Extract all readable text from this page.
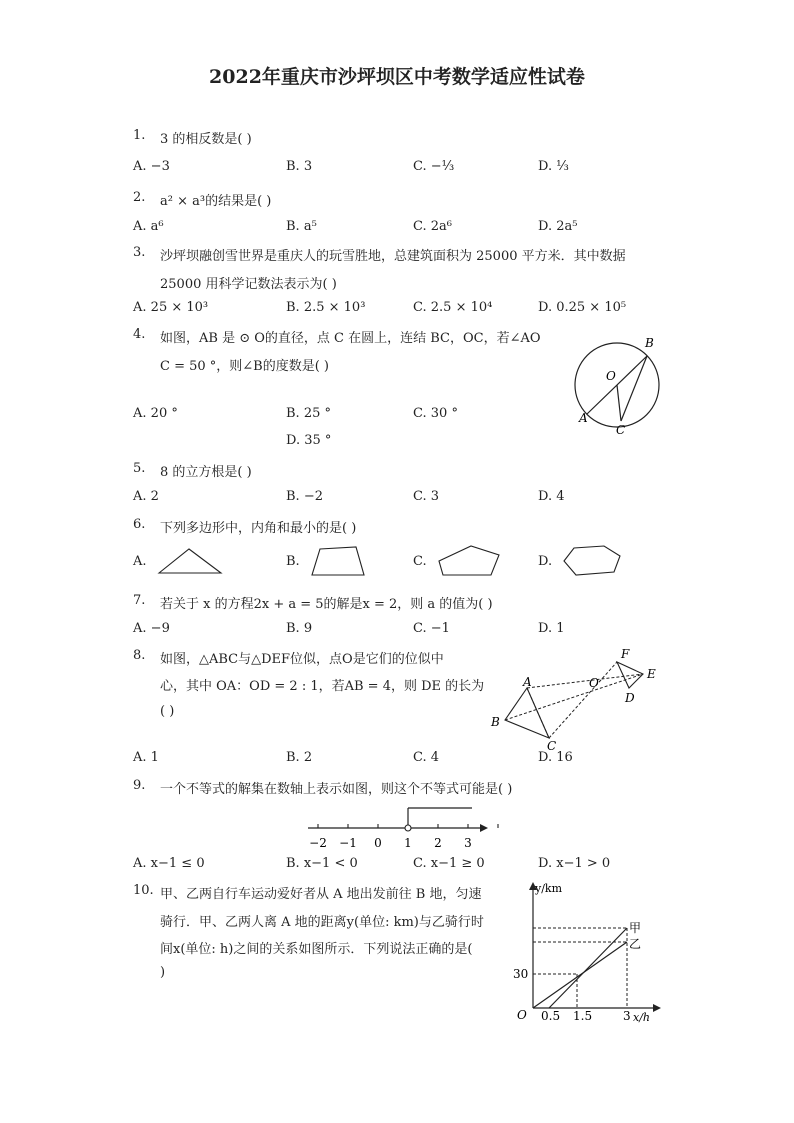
2022年重庆市沙坪坝区中考数学适应性试卷
1. 3 的相反数是( )
A. −3	B. 3	C. −⅓	D. ⅓
2. a² × a³的结果是( )
A. a⁶	B. a⁵	C. 2a⁶	D. 2a⁵
3. 沙坪坝融创雪世界是重庆人的玩雪胜地，总建筑面积为 25000 平方米．其中数据
25000 用科学记数法表示为( )
A. 25 × 10³	B. 2.5 × 10³	C. 2.5 × 10⁴	D. 0.25 × 10⁵
4. 如图，AB 是 ⊙ O的直径，点 C 在圆上，连结 BC，OC，若∠AO
C = 50 °，则∠B的度数是( )
A. 20 °	B. 25 °	C. 30 °
D. 35 °
B
O
A
C
5. 8 的立方根是( )
A. 2	B. −2	C. 3	D. 4
6. 下列多边形中，内角和最小的是( )
A.	B.	C.	D.
7. 若关于 x 的方程2x + a = 5的解是x = 2，则 a 的值为( )
A. −9	B. 9	C. −1	D. 1
8. 如图，△ABC与△DEF位似，点O是它们的位似中
心，其中 OA：OD = 2 : 1，若AB = 4，则 DE 的长为
( )
A. 1	B. 2	C. 4	D. 16
F
E
A	O
D
B
C
9. 一个不等式的解集在数轴上表示如图，则这个不等式可能是( )
−2 −1 0 1 2 3
A. x−1 ≤ 0	B. x−1 < 0	C. x−1 ≥ 0	D. x−1 > 0
10. 甲、乙两自行车运动爱好者从 A 地出发前往 B 地，匀速
骑行．甲、乙两人离 A 地的距离y(单位: km)与乙骑行时
间x(单位: h)之间的关系如图所示．下列说法正确的是(
)
y/km
x/h
O
30
0.5 1.5	3
甲
乙
